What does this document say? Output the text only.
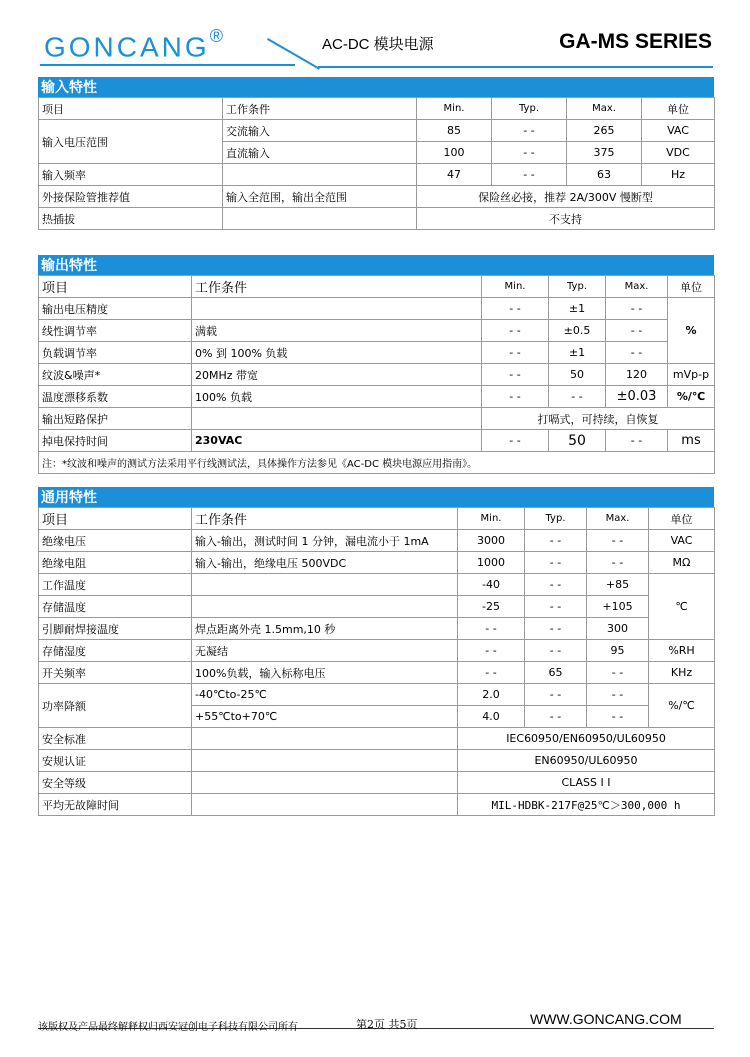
GONCANG®	AC-DC 模块电源	GA-MS SERIES
输入特性
项目	工作条件	Min.	Typ.	Max.	单位
输入电压范围	交流输入	85	- -	265	VAC
	直流输入	100	- -	375	VDC
输入频率		47	- -	63	Hz
外接保险管推荐值	输入全范围，输出全范围	保险丝必接，推荐 2A/300V 慢断型			
热插拔		不支持			
输出特性
项目	工作条件	Min.	Typ.	Max.	单位
输出电压精度		- -	±1	- -	%
线性调节率	满载	- -	±0.5	- -	
负载调节率	0% 到 100% 负载	- -	±1	- -	
纹波&噪声*	20MHz 带宽	- -	50	120	mVp-p
温度漂移系数	100% 负载	- -	- -	±0.03	%/℃
输出短路保护		打嗝式，可持续，自恢复			
掉电保持时间	230VAC	- -	50	- -	ms
注：*纹波和噪声的测试方法采用平行线测试法，具体操作方法参见《AC-DC 模块电源应用指南》。					
通用特性
项目	工作条件	Min.	Typ.	Max.	单位
绝缘电压	输入-输出，测试时间 1 分钟，漏电流小于 1mA	3000	- -	- -	VAC
绝缘电阻	输入-输出，绝缘电压 500VDC	1000	- -	- -	MΩ
工作温度		-40	- -	+85	℃
存储温度		-25	- -	+105	
引脚耐焊接温度	焊点距离外壳 1.5mm,10 秒	- -	- -	300	
存储湿度	无凝结	- -	- -	95	%RH
开关频率	100%负载，输入标称电压	- -	65	- -	KHz
功率降额	-40℃to-25℃	2.0	- -	- -	%/℃
	+55℃to+70℃	4.0	- -	- -	
安全标准		IEC60950/EN60950/UL60950			
安规认证		EN60950/UL60950			
安全等级		CLASS I I			
平均无故障时间		MIL-HDBK-217F@25℃＞300,000 h			
该版权及产品最终解释权归西安冠创电子科技有限公司所有	第2页 共5页	WWW.GONCANG.COM
